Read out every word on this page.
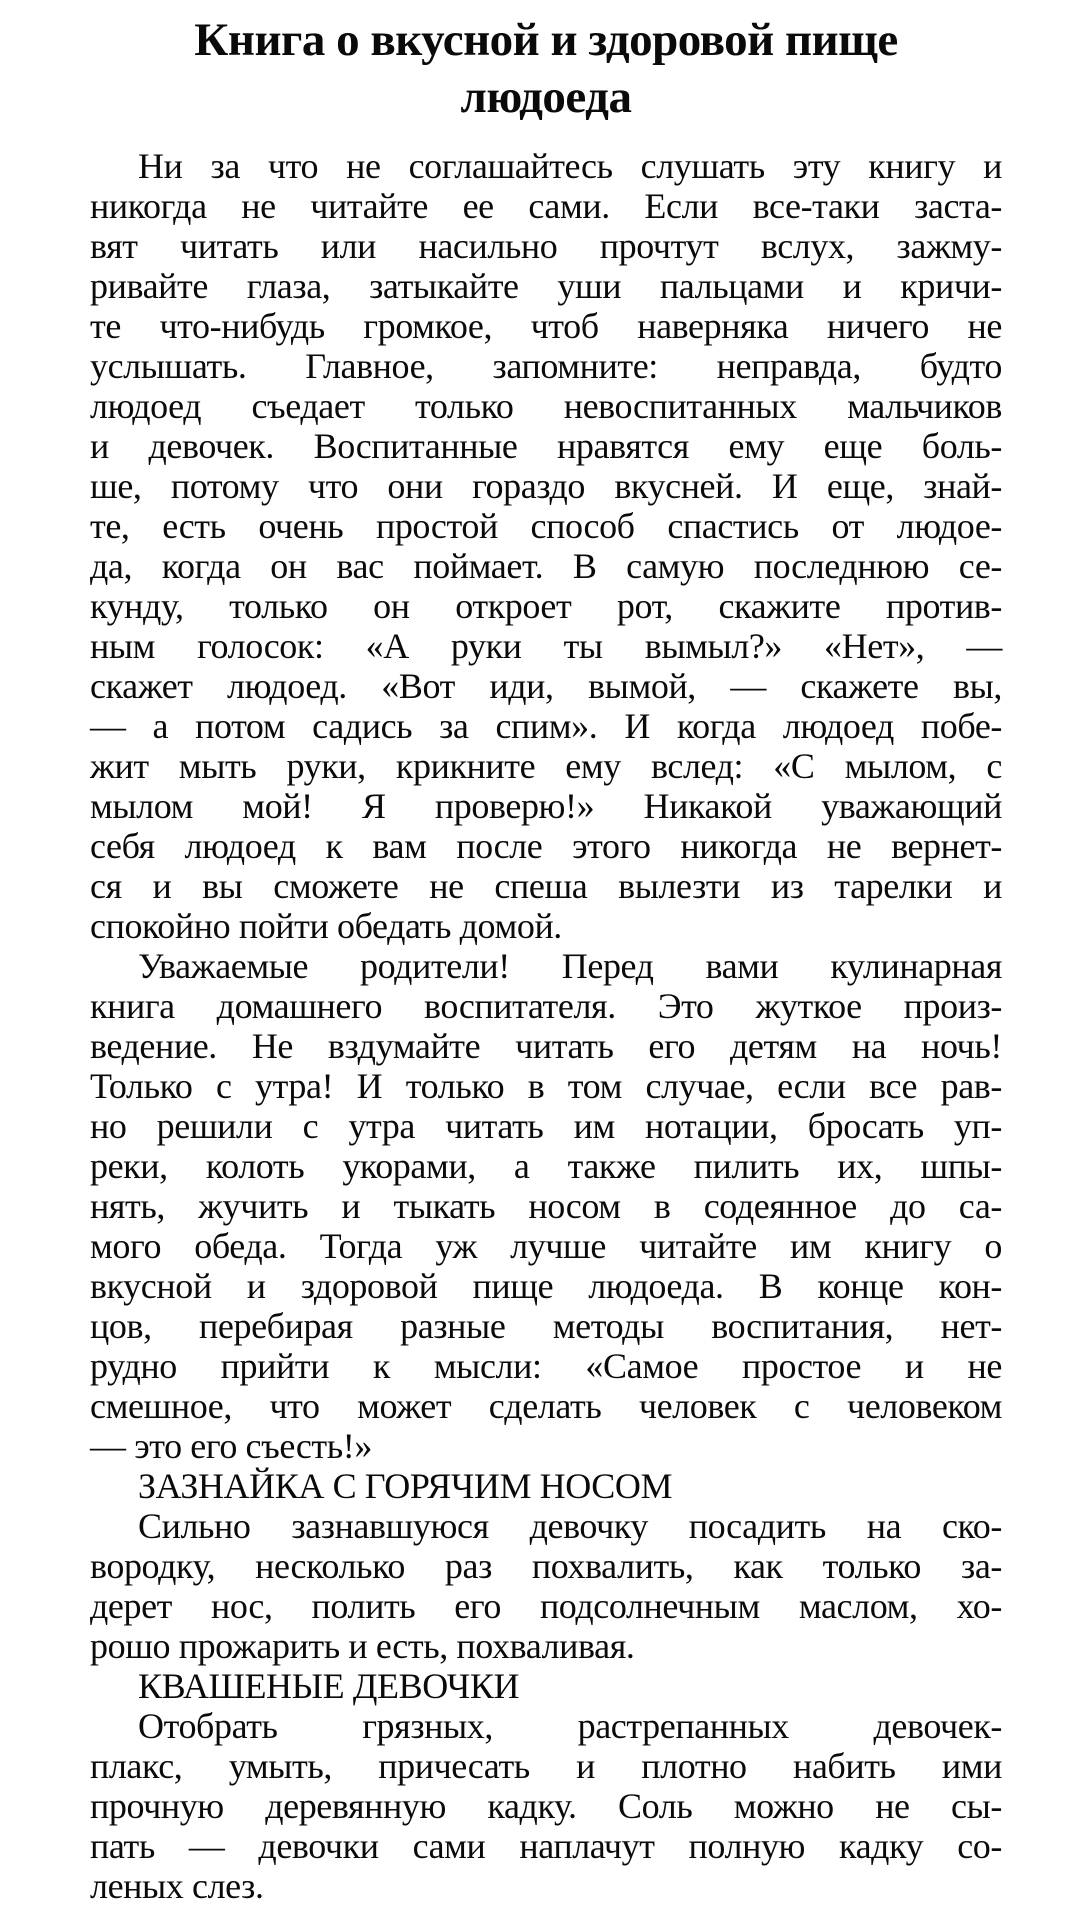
Книга о вкусной и здоровой пище
людоеда
Ни за что не соглашайтесь слушать эту книгу и
никогда не читайте ее сами. Если все-таки заста-
вят читать или насильно прочтут вслух, зажму-
ривайте глаза, затыкайте уши пальцами и кричи-
те что-нибудь громкое, чтоб наверняка ничего не
услышать. Главное, запомните: неправда, будто
людоед съедает только невоспитанных мальчиков
и девочек. Воспитанные нравятся ему еще боль-
ше, потому что они гораздо вкусней. И еще, знай-
те, есть очень простой способ спастись от людое-
да, когда он вас поймает. В самую последнюю се-
кунду, только он откроет рот, скажите против-
ным голосок: «А руки ты вымыл?» «Нет», —
скажет людоед. «Вот иди, вымой, — скажете вы,
— а потом садись за спим». И когда людоед побе-
жит мыть руки, крикните ему вслед: «С мылом, с
мылом мой! Я проверю!» Никакой уважающий
себя людоед к вам после этого никогда не вернет-
ся и вы сможете не спеша вылезти из тарелки и
спокойно пойти обедать домой.
Уважаемые родители! Перед вами кулинарная
книга домашнего воспитателя. Это жуткое произ-
ведение. Не вздумайте читать его детям на ночь!
Только с утра! И только в том случае, если все рав-
но решили с утра читать им нотации, бросать уп-
реки, колоть укорами, а также пилить их, шпы-
нять, жучить и тыкать носом в содеянное до са-
мого обеда. Тогда уж лучше читайте им книгу о
вкусной и здоровой пище людоеда. В конце кон-
цов, перебирая разные методы воспитания, нет-
рудно прийти к мысли: «Самое простое и не
смешное, что может сделать человек с человеком
— это его съесть!»
ЗАЗНАЙКА С ГОРЯЧИМ НОСОМ
Сильно зазнавшуюся девочку посадить на ско-
вородку, несколько раз похвалить, как только за-
дерет нос, полить его подсолнечным маслом, хо-
рошо прожарить и есть, похваливая.
КВАШЕНЫЕ ДЕВОЧКИ
Отобрать грязных, растрепанных девочек-
плакс, умыть, причесать и плотно набить ими
прочную деревянную кадку. Соль можно не сы-
пать — девочки сами наплачут полную кадку со-
леных слез.
